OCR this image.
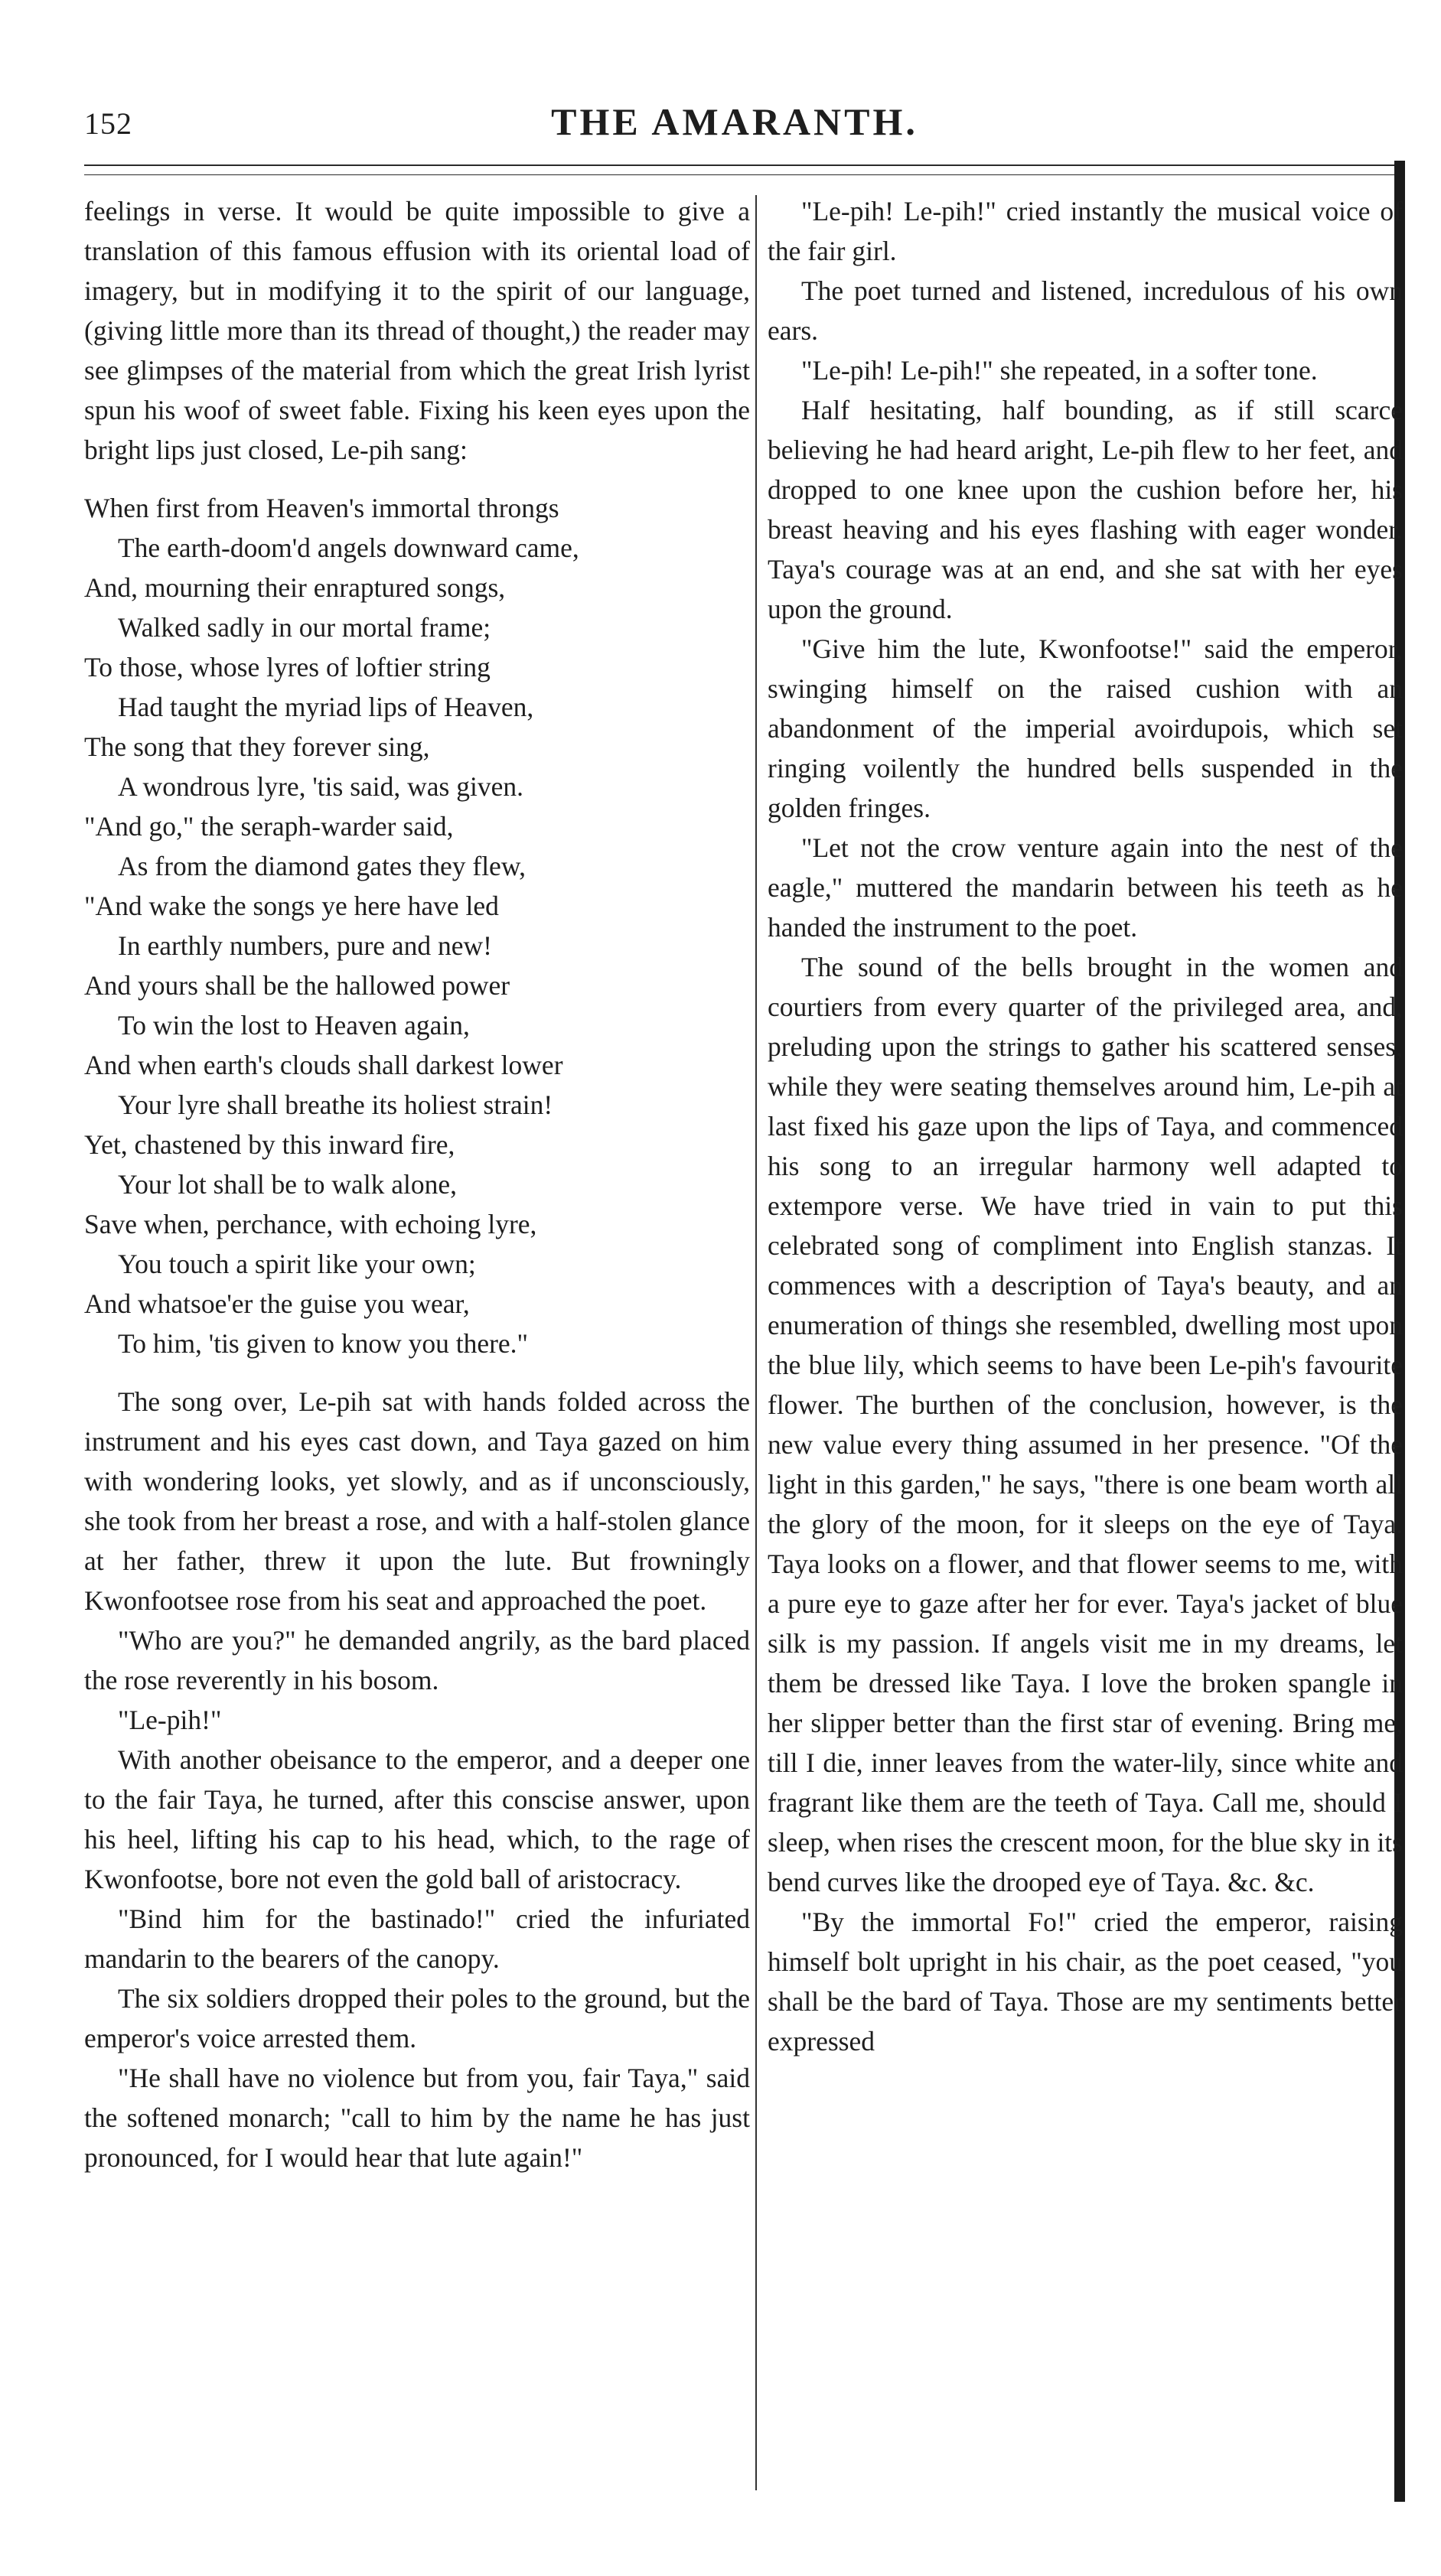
152	THE AMARANTH.

feelings in verse. It would be quite impossible to give a translation of this famous effusion with its oriental load of imagery, but in modifying it to the spirit of our language, (giving little more than its thread of thought,) the reader may see glimpses of the material from which the great Irish lyrist spun his woof of sweet fable. Fixing his keen eyes upon the bright lips just closed, Le-pih sang:

When first from Heaven's immortal throngs
The earth-doom'd angels downward came,
And, mourning their enraptured songs,
Walked sadly in our mortal frame;
To those, whose lyres of loftier string
Had taught the myriad lips of Heaven,
The song that they forever sing,
A wondrous lyre, 'tis said, was given.
"And go," the seraph-warder said,
As from the diamond gates they flew,
"And wake the songs ye here have led
In earthly numbers, pure and new!
And yours shall be the hallowed power
To win the lost to Heaven again,
And when earth's clouds shall darkest lower
Your lyre shall breathe its holiest strain!
Yet, chastened by this inward fire,
Your lot shall be to walk alone,
Save when, perchance, with echoing lyre,
You touch a spirit like your own;
And whatsoe'er the guise you wear,
To him, 'tis given to know you there."

The song over, Le-pih sat with hands folded across the instrument and his eyes cast down, and Taya gazed on him with wondering looks, yet slowly, and as if unconsciously, she took from her breast a rose, and with a half-stolen glance at her father, threw it upon the lute. But frowningly Kwonfootsee rose from his seat and approached the poet.

"Who are you?" he demanded angrily, as the bard placed the rose reverently in his bosom.

"Le-pih!"

With another obeisance to the emperor, and a deeper one to the fair Taya, he turned, after this conscise answer, upon his heel, lifting his cap to his head, which, to the rage of Kwonfootse, bore not even the gold ball of aristocracy.

"Bind him for the bastinado!" cried the infuriated mandarin to the bearers of the canopy.

The six soldiers dropped their poles to the ground, but the emperor's voice arrested them.

"He shall have no violence but from you, fair Taya," said the softened monarch; "call to him by the name he has just pronounced, for I would hear that lute again!"

"Le-pih! Le-pih!" cried instantly the musical voice of the fair girl.

The poet turned and listened, incredulous of his own ears.

"Le-pih! Le-pih!" she repeated, in a softer tone.

Half hesitating, half bounding, as if still scarce believing he had heard aright, Le-pih flew to her feet, and dropped to one knee upon the cushion before her, his breast heaving and his eyes flashing with eager wonder. Taya's courage was at an end, and she sat with her eyes upon the ground.

"Give him the lute, Kwonfootse!" said the emperor, swinging himself on the raised cushion with an abandonment of the imperial avoirdupois, which set ringing voilently the hundred bells suspended in the golden fringes.

"Let not the crow venture again into the nest of the eagle," muttered the mandarin between his teeth as he handed the instrument to the poet.

The sound of the bells brought in the women and courtiers from every quarter of the privileged area, and, preluding upon the strings to gather his scattered senses, while they were seating themselves around him, Le-pih at last fixed his gaze upon the lips of Taya, and commenced his song to an irregular harmony well adapted to extempore verse. We have tried in vain to put this celebrated song of compliment into English stanzas. It commences with a description of Taya's beauty, and an enumeration of things she resembled, dwelling most upon the blue lily, which seems to have been Le-pih's favourite flower. The burthen of the conclusion, however, is the new value every thing assumed in her presence. "Of the light in this garden," he says, "there is one beam worth all the glory of the moon, for it sleeps on the eye of Taya. Taya looks on a flower, and that flower seems to me, with a pure eye to gaze after her for ever. Taya's jacket of blue silk is my passion. If angels visit me in my dreams, let them be dressed like Taya. I love the broken spangle in her slipper better than the first star of evening. Bring me, till I die, inner leaves from the water-lily, since white and fragrant like them are the teeth of Taya. Call me, should I sleep, when rises the crescent moon, for the blue sky in its bend curves like the drooped eye of Taya. &c. &c.

"By the immortal Fo!" cried the emperor, raising himself bolt upright in his chair, as the poet ceased, "you shall be the bard of Taya. Those are my sentiments better expressed
